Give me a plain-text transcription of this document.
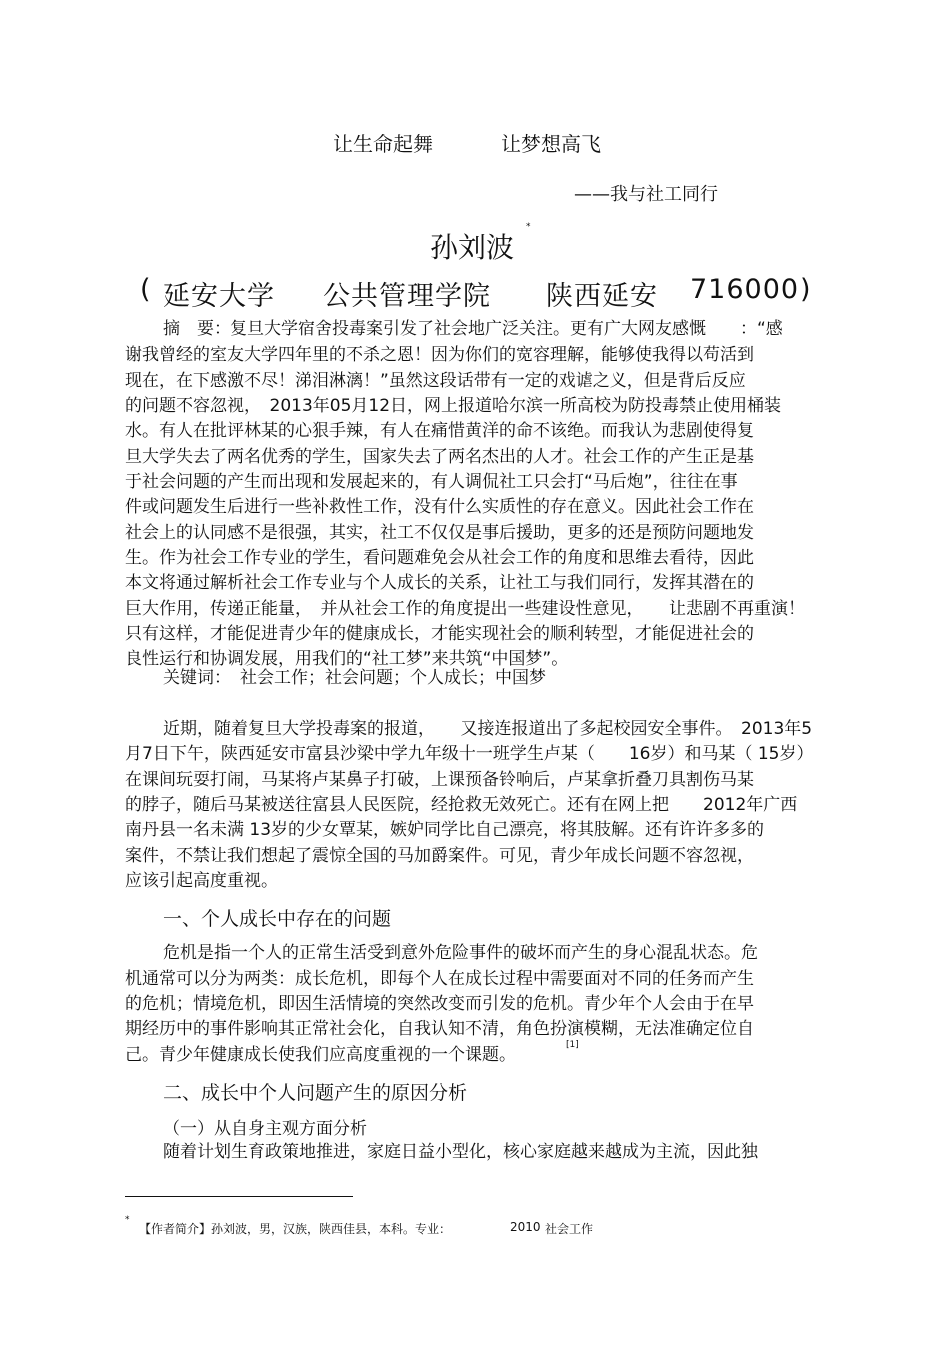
让生命起舞	让梦想高飞
——我与社工同行
孙刘波
*
( 延安大学 公共管理学院 陕西延安 716000 )
摘　要： 复旦大学宿舍投毒案引发了社会地广泛关注。更有广大网友感慨　　：“感
谢我曾经的室友大学四年里的不杀之恩！因为你们的宽容理解，能够使我得以苟活到
现在，在下感激不尽！涕泪淋漓！”虽然这段话带有一定的戏谑之义，但是背后反应
的问题不容忽视，　2013年05月12日，网上报道哈尔滨一所高校为防投毒禁止使用桶装
水。有人在批评林某的心狠手辣，有人在痛惜黄洋的命不该绝。而我认为悲剧使得复
旦大学失去了两名优秀的学生，国家失去了两名杰出的人才。社会工作的产生正是基
于社会问题的产生而出现和发展起来的，有人调侃社工只会打“马后炮”，往往在事
件或问题发生后进行一些补救性工作，没有什么实质性的存在意义。因此社会工作在
社会上的认同感不是很强，其实，社工不仅仅是事后援助，更多的还是预防问题地发
生。作为社会工作专业的学生，看问题难免会从社会工作的角度和思维去看待，因此
本文将通过解析社会工作专业与个人成长的关系，让社工与我们同行，发挥其潜在的
巨大作用，传递正能量，　并从社会工作的角度提出一些建设性意见，　　让悲剧不再重演！
只有这样，才能促进青少年的健康成长，才能实现社会的顺利转型，才能促进社会的
良性运行和协调发展，用我们的“社工梦”来共筑“中国梦”。
关键词： 社会工作；社会问题；个人成长；中国梦
近期，随着复旦大学投毒案的报道，　　又接连报道出了多起校园安全事件。　2013年5
月7日下午，陕西延安市富县沙梁中学九年级十一班学生卢某（　　16岁）和马某（ 15岁）
在课间玩耍打闹，马某将卢某鼻子打破，上课预备铃响后，卢某拿折叠刀具割伤马某
的脖子，随后马某被送往富县人民医院，经抢救无效死亡。还有在网上把　　2012年广西
南丹县一名未满 13岁的少女覃某，嫉妒同学比自己漂亮，将其肢解。还有许许多多的
案件，不禁让我们想起了震惊全国的马加爵案件。可见，青少年成长问题不容忽视，
应该引起高度重视。
一、个人成长中存在的问题
危机是指一个人的正常生活受到意外危险事件的破坏而产生的身心混乱状态。危
机通常可以分为两类：成长危机，即每个人在成长过程中需要面对不同的任务而产生
的危机；情境危机，即因生活情境的突然改变而引发的危机。青少年个人会由于在早
期经历中的事件影响其正常社会化，自我认知不清，角色扮演模糊，无法准确定位自
己。青少年健康成长使我们应高度重视的一个课题。	[1]
二、成长中个人问题产生的原因分析
（一）从自身主观方面分析
随着计划生育政策地推进，家庭日益小型化，核心家庭越来越成为主流，因此独
*
【作者简介】 孙刘波，男，汉族，陕西佳县，本科。专业：	2010 社会工作
